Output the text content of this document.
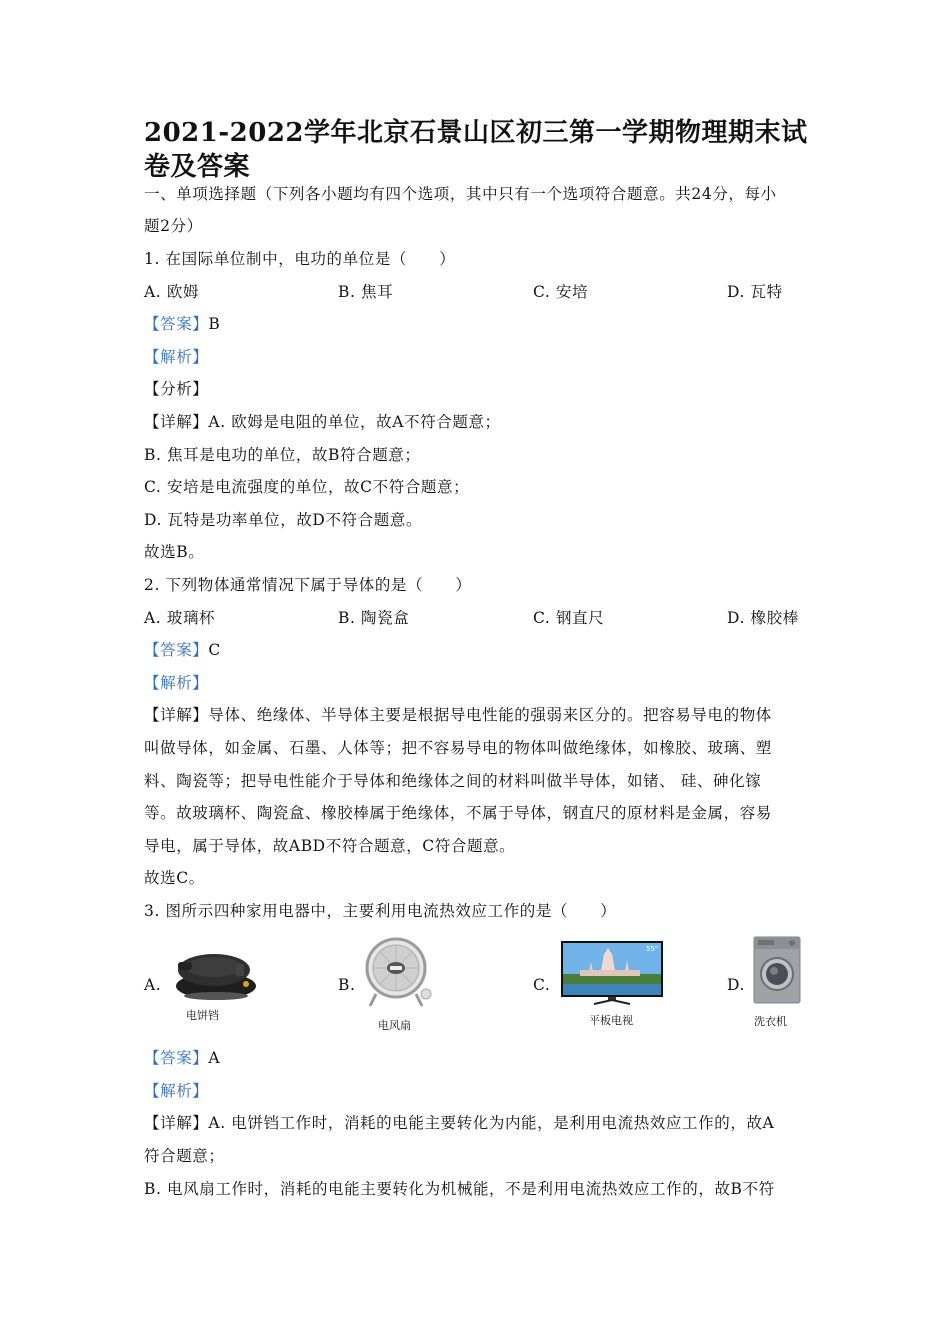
2021-2022学年北京石景山区初三第一学期物理期末试卷及答案
一、单项选择题（下列各小题均有四个选项，其中只有一个选项符合题意。共24分，每小
题2分）
1. 在国际单位制中，电功的单位是（　　）
A. 欧姆	B. 焦耳	C. 安培	D. 瓦特
【答案】B
【解析】
【分析】
【详解】A. 欧姆是电阻的单位，故A不符合题意；
B. 焦耳是电功的单位，故B符合题意；
C. 安培是电流强度的单位，故C不符合题意；
D. 瓦特是功率单位，故D不符合题意。
故选B。
2. 下列物体通常情况下属于导体的是（　　）
A. 玻璃杯	B. 陶瓷盒	C. 钢直尺	D. 橡胶棒
【答案】C
【解析】
【详解】导体、绝缘体、半导体主要是根据导电性能的强弱来区分的。把容易导电的物体
叫做导体，如金属、石墨、人体等；把不容易导电的物体叫做绝缘体，如橡胶、玻璃、塑
料、陶瓷等；把导电性能介于导体和绝缘体之间的材料叫做半导体，如锗、 硅、砷化镓
等。故玻璃杯、陶瓷盒、橡胶棒属于绝缘体，不属于导体，钢直尺的原材料是金属，容易
导电，属于导体，故ABD不符合题意，C符合题意。
故选C。
3. 图所示四种家用电器中，主要利用电流热效应工作的是（　　）
A.	B.	C.	D.
电饼铛
电风扇
55"
平板电视	洗衣机
【答案】A
【解析】
【详解】A. 电饼铛工作时，消耗的电能主要转化为内能，是利用电流热效应工作的，故A
符合题意；
B. 电风扇工作时，消耗的电能主要转化为机械能，不是利用电流热效应工作的，故B不符
